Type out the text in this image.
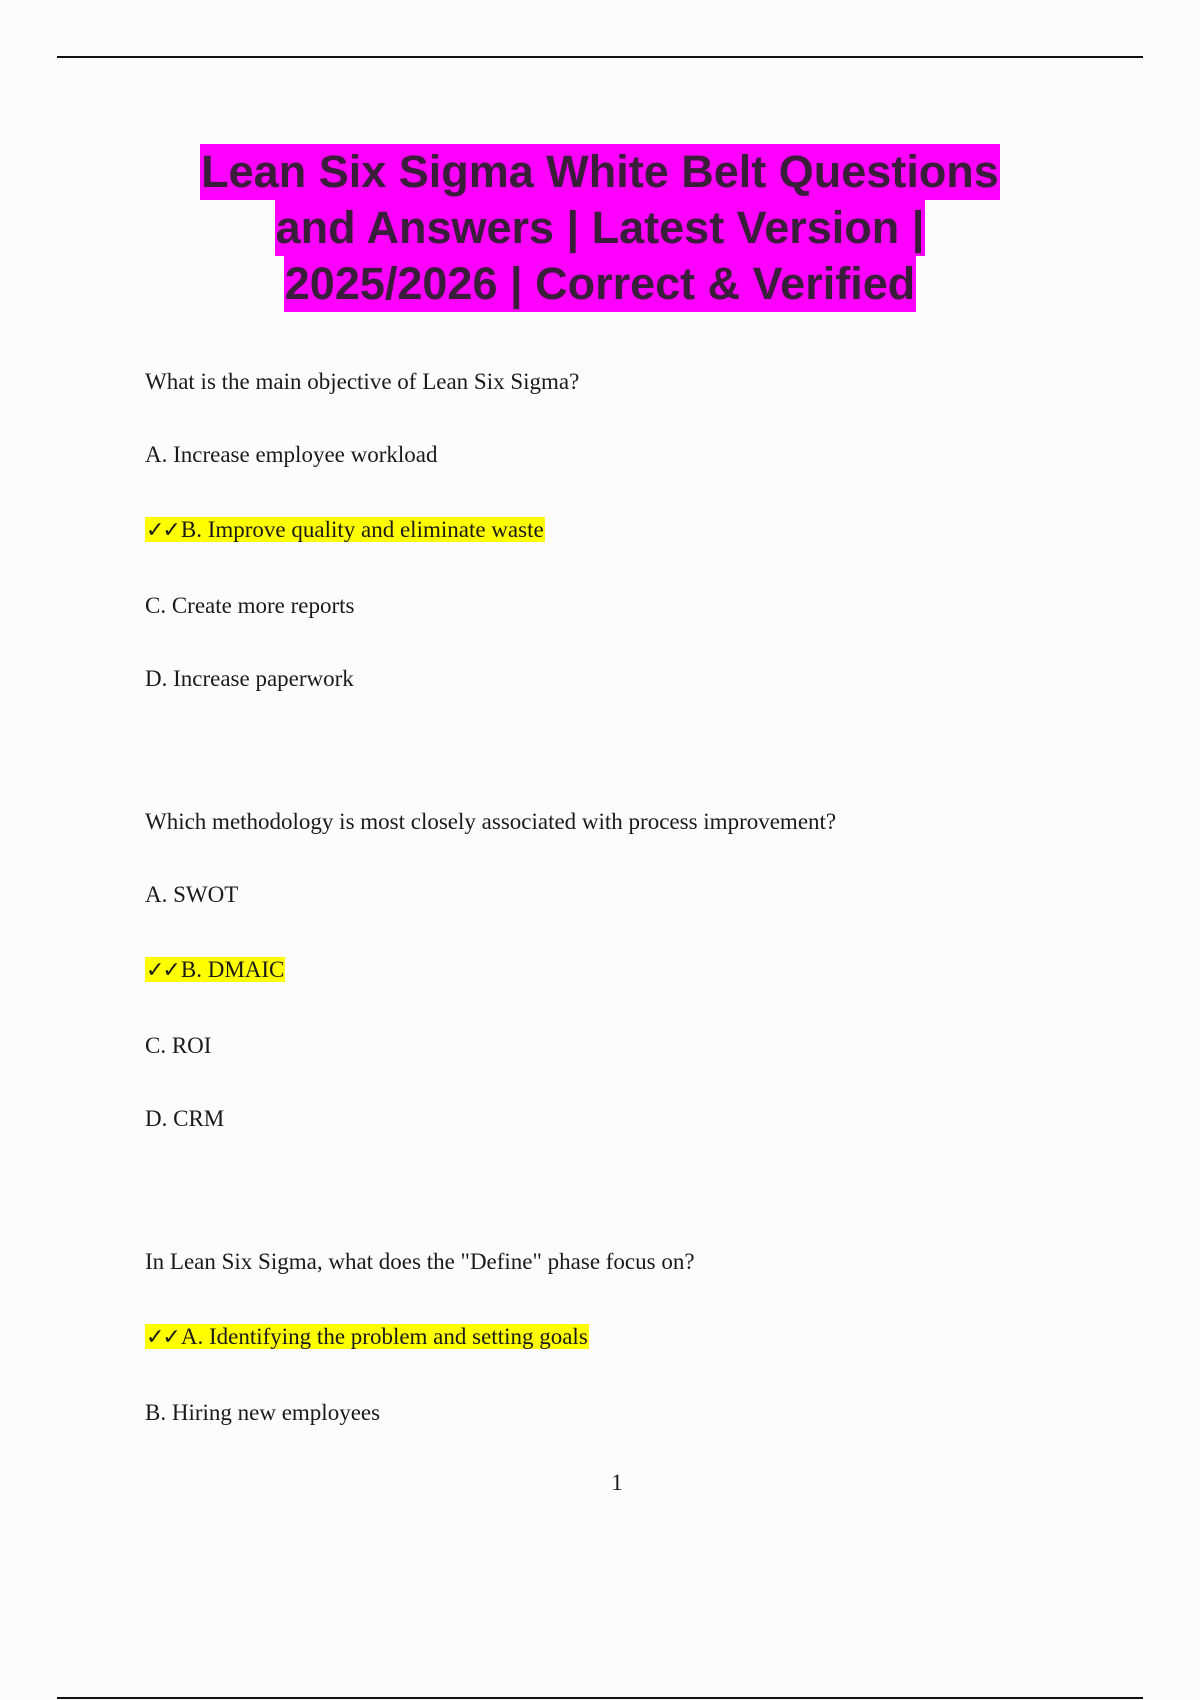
Lean Six Sigma White Belt Questions
and Answers | Latest Version |
2025/2026 | Correct & Verified
What is the main objective of Lean Six Sigma?
A. Increase employee workload
✓✓B. Improve quality and eliminate waste
C. Create more reports
D. Increase paperwork
Which methodology is most closely associated with process improvement?
A. SWOT
✓✓B. DMAIC
C. ROI
D. CRM
In Lean Six Sigma, what does the "Define" phase focus on?
✓✓A. Identifying the problem and setting goals
B. Hiring new employees
1
